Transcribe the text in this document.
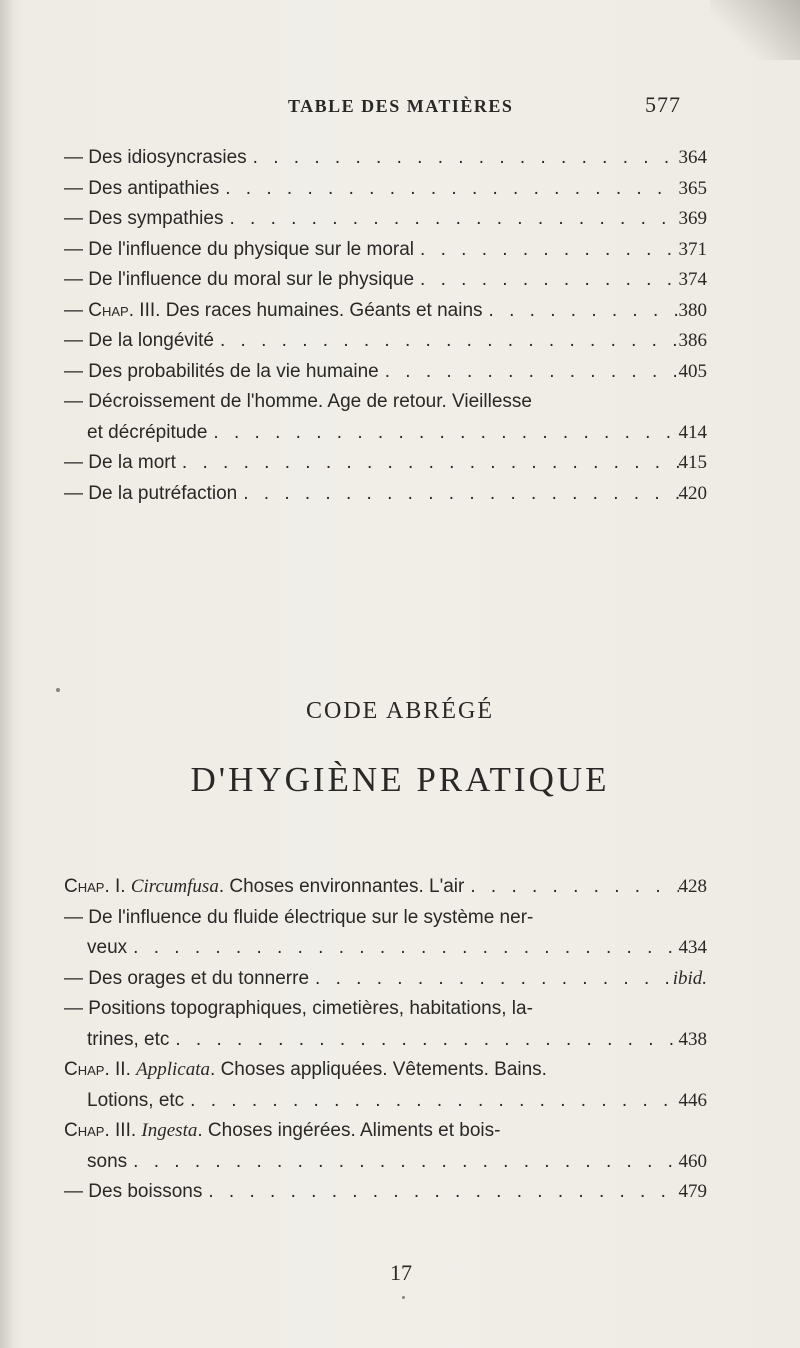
TABLE DES MATIÈRES	577
— Des idiosyncrasies . . .	364
— Des antipathies . . .	365
— Des sympathies . . .	369
— De l'influence du physique sur le moral . . .	371
— De l'influence du moral sur le physique . . .	374
— Chap. III. Des races humaines. Géants et nains . . .	380
— De la longévité . . .	386
— Des probabilités de la vie humaine . . .	405
— Décroissement de l'homme. Age de retour. Vieillesse
et décrépitude . . .	414
— De la mort . . .	415
— De la putréfaction . . .	420
CODE ABRÉGÉ
D'HYGIÈNE PRATIQUE
Chap. I. Circumfusa. Choses environnantes. L'air . . .	428
— De l'influence du fluide électrique sur le système ner-
veux . . .	434
— Des orages et du tonnerre . . .	ibid.
— Positions topographiques, cimetières, habitations, la-
trines, etc . . .	438
Chap. II. Applicata. Choses appliquées. Vêtements. Bains.
Lotions, etc . . .	446
Chap. III. Ingesta. Choses ingérées. Aliments et bois-
sons . . .	460
— Des boissons . . .	479
17
